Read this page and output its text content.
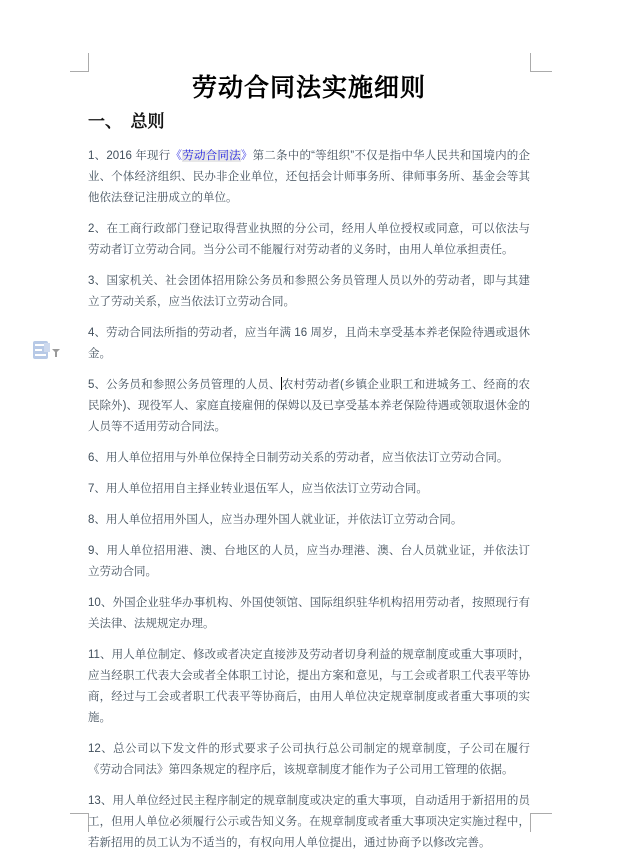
劳动合同法实施细则
一、　总则

1、2016 年现行《劳动合同法》第二条中的“等组织”不仅是指中华人民共和国境内的企业、个体经济组织、民办非企业单位，还包括会计师事务所、律师事务所、基金会等其他依法登记注册成立的单位。

2、在工商行政部门登记取得营业执照的分公司，经用人单位授权或同意，可以依法与劳动者订立劳动合同。当分公司不能履行对劳动者的义务时，由用人单位承担责任。

3、国家机关、社会团体招用除公务员和参照公务员管理人员以外的劳动者，即与其建立了劳动关系，应当依法订立劳动合同。

4、劳动合同法所指的劳动者，应当年满 16 周岁，且尚未享受基本养老保险待遇或退休金。

5、公务员和参照公务员管理的人员、农村劳动者(乡镇企业职工和进城务工、经商的农民除外)、现役军人、家庭直接雇佣的保姆以及已享受基本养老保险待遇或领取退休金的人员等不适用劳动合同法。

6、用人单位招用与外单位保持全日制劳动关系的劳动者，应当依法订立劳动合同。

7、用人单位招用自主择业转业退伍军人，应当依法订立劳动合同。

8、用人单位招用外国人，应当办理外国人就业证，并依法订立劳动合同。

9、用人单位招用港、澳、台地区的人员，应当办理港、澳、台人员就业证，并依法订立劳动合同。

10、外国企业驻华办事机构、外国使领馆、国际组织驻华机构招用劳动者，按照现行有关法律、法规规定办理。

11、用人单位制定、修改或者决定直接涉及劳动者切身利益的规章制度或重大事项时，应当经职工代表大会或者全体职工讨论，提出方案和意见，与工会或者职工代表平等协商，经过与工会或者职工代表平等协商后，由用人单位决定规章制度或者重大事项的实施。

12、总公司以下发文件的形式要求子公司执行总公司制定的规章制度，子公司在履行《劳动合同法》第四条规定的程序后，该规章制度才能作为子公司用工管理的依据。

13、用人单位经过民主程序制定的规章制度或决定的重大事项，自动适用于新招用的员工，但用人单位必须履行公示或告知义务。在规章制度或者重大事项决定实施过程中，若新招用的员工认为不适当的，有权向用人单位提出，通过协商予以修改完善。
